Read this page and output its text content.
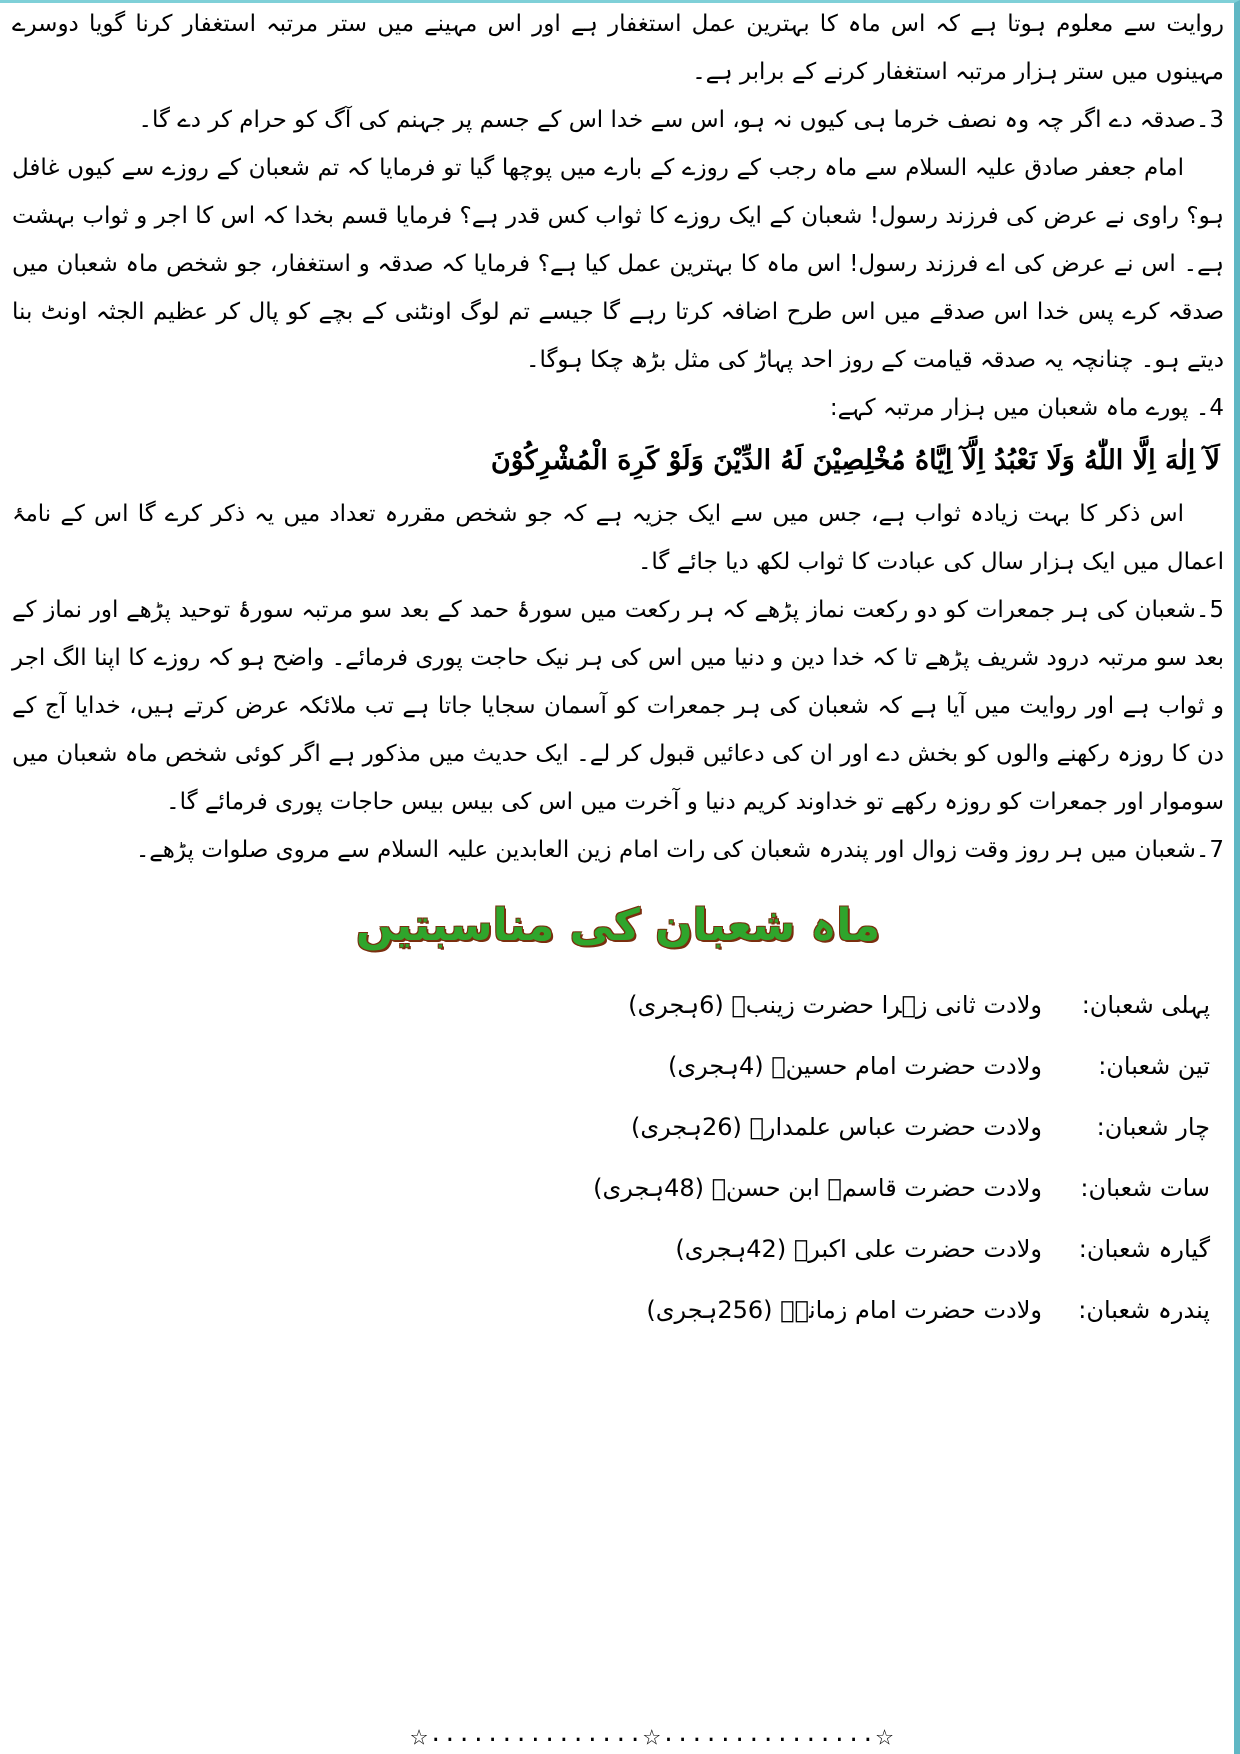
روایت سے معلوم ہوتا ہے کہ اس ماہ کا بہترین عمل استغفار ہے اور اس مہینے میں ستر مرتبہ استغفار کرنا گویا دوسرے مہینوں میں ستر ہزار مرتبہ استغفار کرنے کے برابر ہے۔

3۔صدقہ دے اگر چہ وہ نصف خرما ہی کیوں نہ ہو، اس سے خدا اس کے جسم پر جہنم کی آگ کو حرام کر دے گا۔

امام جعفر صادق علیہ السلام سے ماہ رجب کے روزے کے بارے میں پوچھا گیا تو فرمایا کہ تم شعبان کے روزے سے کیوں غافل ہو؟ راوی نے عرض کی فرزند رسول! شعبان کے ایک روزے کا ثواب کس قدر ہے؟ فرمایا قسم بخدا کہ اس کا اجر و ثواب بہشت ہے۔ اس نے عرض کی اے فرزند رسول! اس ماہ کا بہترین عمل کیا ہے؟ فرمایا کہ صدقہ و استغفار، جو شخص ماہ شعبان میں صدقہ کرے پس خدا اس صدقے میں اس طرح اضافہ کرتا رہے گا جیسے تم لوگ اونٹنی کے بچے کو پال کر عظیم الجثہ اونٹ بنا دیتے ہو۔ چنانچہ یہ صدقہ قیامت کے روز احد پہاڑ کی مثل بڑھ چکا ہوگا۔

4۔ پورے ماہ شعبان میں ہزار مرتبہ کہے:

لَآ اِلٰهَ اِلَّا اللّٰهُ وَلَا نَعْبُدُ اِلَّآ اِيَّاهُ مُخْلِصِيْنَ لَهُ الدِّيْنَ وَلَوْ كَرِهَ الْمُشْرِكُوْنَ

اس ذکر کا بہت زیادہ ثواب ہے، جس میں سے ایک جزیہ ہے کہ جو شخص مقررہ تعداد میں یہ ذکر کرے گا اس کے نامۂ اعمال میں ایک ہزار سال کی عبادت کا ثواب لکھ دیا جائے گا۔

5۔شعبان کی ہر جمعرات کو دو رکعت نماز پڑھے کہ ہر رکعت میں سورۂ حمد کے بعد سو مرتبہ سورۂ توحید پڑھے اور نماز کے بعد سو مرتبہ درود شریف پڑھے تا کہ خدا دین و دنیا میں اس کی ہر نیک حاجت پوری فرمائے۔ واضح ہو کہ روزے کا اپنا الگ اجر و ثواب ہے اور روایت میں آیا ہے کہ شعبان کی ہر جمعرات کو آسمان سجایا جاتا ہے تب ملائکہ عرض کرتے ہیں، خدایا آج کے دن کا روزہ رکھنے والوں کو بخش دے اور ان کی دعائیں قبول کر لے۔ ایک حدیث میں مذکور ہے اگر کوئی شخص ماہ شعبان میں سوموار اور جمعرات کو روزہ رکھے تو خداوند کریم دنیا و آخرت میں اس کی بیس بیس حاجات پوری فرمائے گا۔

7۔شعبان میں ہر روز وقت زوال اور پندرہ شعبان کی رات امام زین العابدین علیہ السلام سے مروی صلوات پڑھے۔

ماہ شعبان کی مناسبتیں
پہلی شعبان:
ولادت ثانی زہرا حضرت زینبؑ (6ہجری)
تین شعبان:
ولادت حضرت امام حسینؑ (4ہجری)
چار شعبان:
ولادت حضرت عباس علمدارؑ (26ہجری)
سات شعبان:
ولادت حضرت قاسمؑ ابن حسنؑ (48ہجری)
گیارہ شعبان:
ولادت حضرت علی اکبرؑ (42ہجری)
پندرہ شعبان:
ولادت حضرت امام زمانہؑ (256ہجری)
☆...............☆...............☆
